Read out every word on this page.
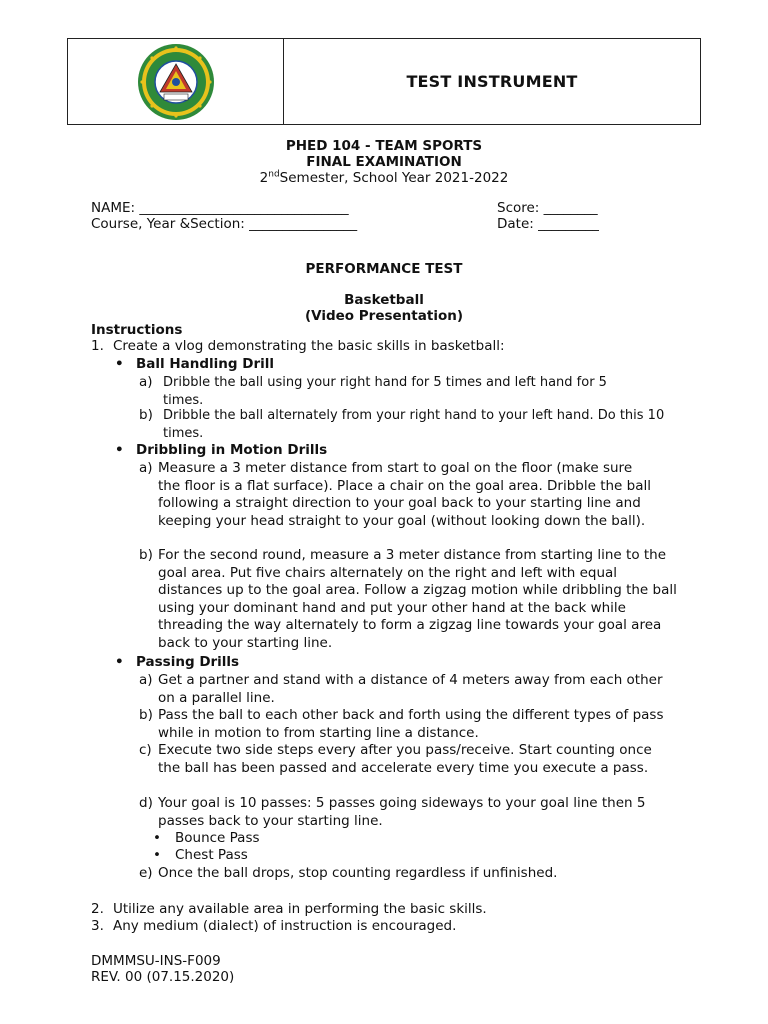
TEST INSTRUMENT
PHED 104 - TEAM SPORTS
FINAL EXAMINATION
2ndSemester, School Year 2021-2022
NAME: _______________________________
Course, Year &Section: ________________
Score: ________
Date: _________
PERFORMANCE TEST
Basketball
(Video Presentation)
Instructions
1. Create a vlog demonstrating the basic skills in basketball:
• Ball Handling Drill
a) Dribble the ball using your right hand for 5 times and left hand for 5 times.
b) Dribble the ball alternately from your right hand to your left hand. Do this 10 times.
• Dribbling in Motion Drills
a) Measure a 3 meter distance from start to goal on the floor (make sure the floor is a flat surface). Place a chair on the goal area. Dribble the ball following a straight direction to your goal back to your starting line and keeping your head straight to your goal (without looking down the ball).
b) For the second round, measure a 3 meter distance from starting line to the goal area. Put five chairs alternately on the right and left with equal distances up to the goal area. Follow a zigzag motion while dribbling the ball using your dominant hand and put your other hand at the back while threading the way alternately to form a zigzag line towards your goal area back to your starting line.
• Passing Drills
a) Get a partner and stand with a distance of 4 meters away from each other on a parallel line.
b) Pass the ball to each other back and forth using the different types of pass while in motion to from starting line a distance.
c) Execute two side steps every after you pass/receive. Start counting once the ball has been passed and accelerate every time you execute a pass.
d) Your goal is 10 passes: 5 passes going sideways to your goal line then 5 passes back to your starting line.
• Bounce Pass
• Chest Pass
e) Once the ball drops, stop counting regardless if unfinished.
2. Utilize any available area in performing the basic skills.
3. Any medium (dialect) of instruction is encouraged.
DMMMSU-INS-F009
REV. 00 (07.15.2020)
